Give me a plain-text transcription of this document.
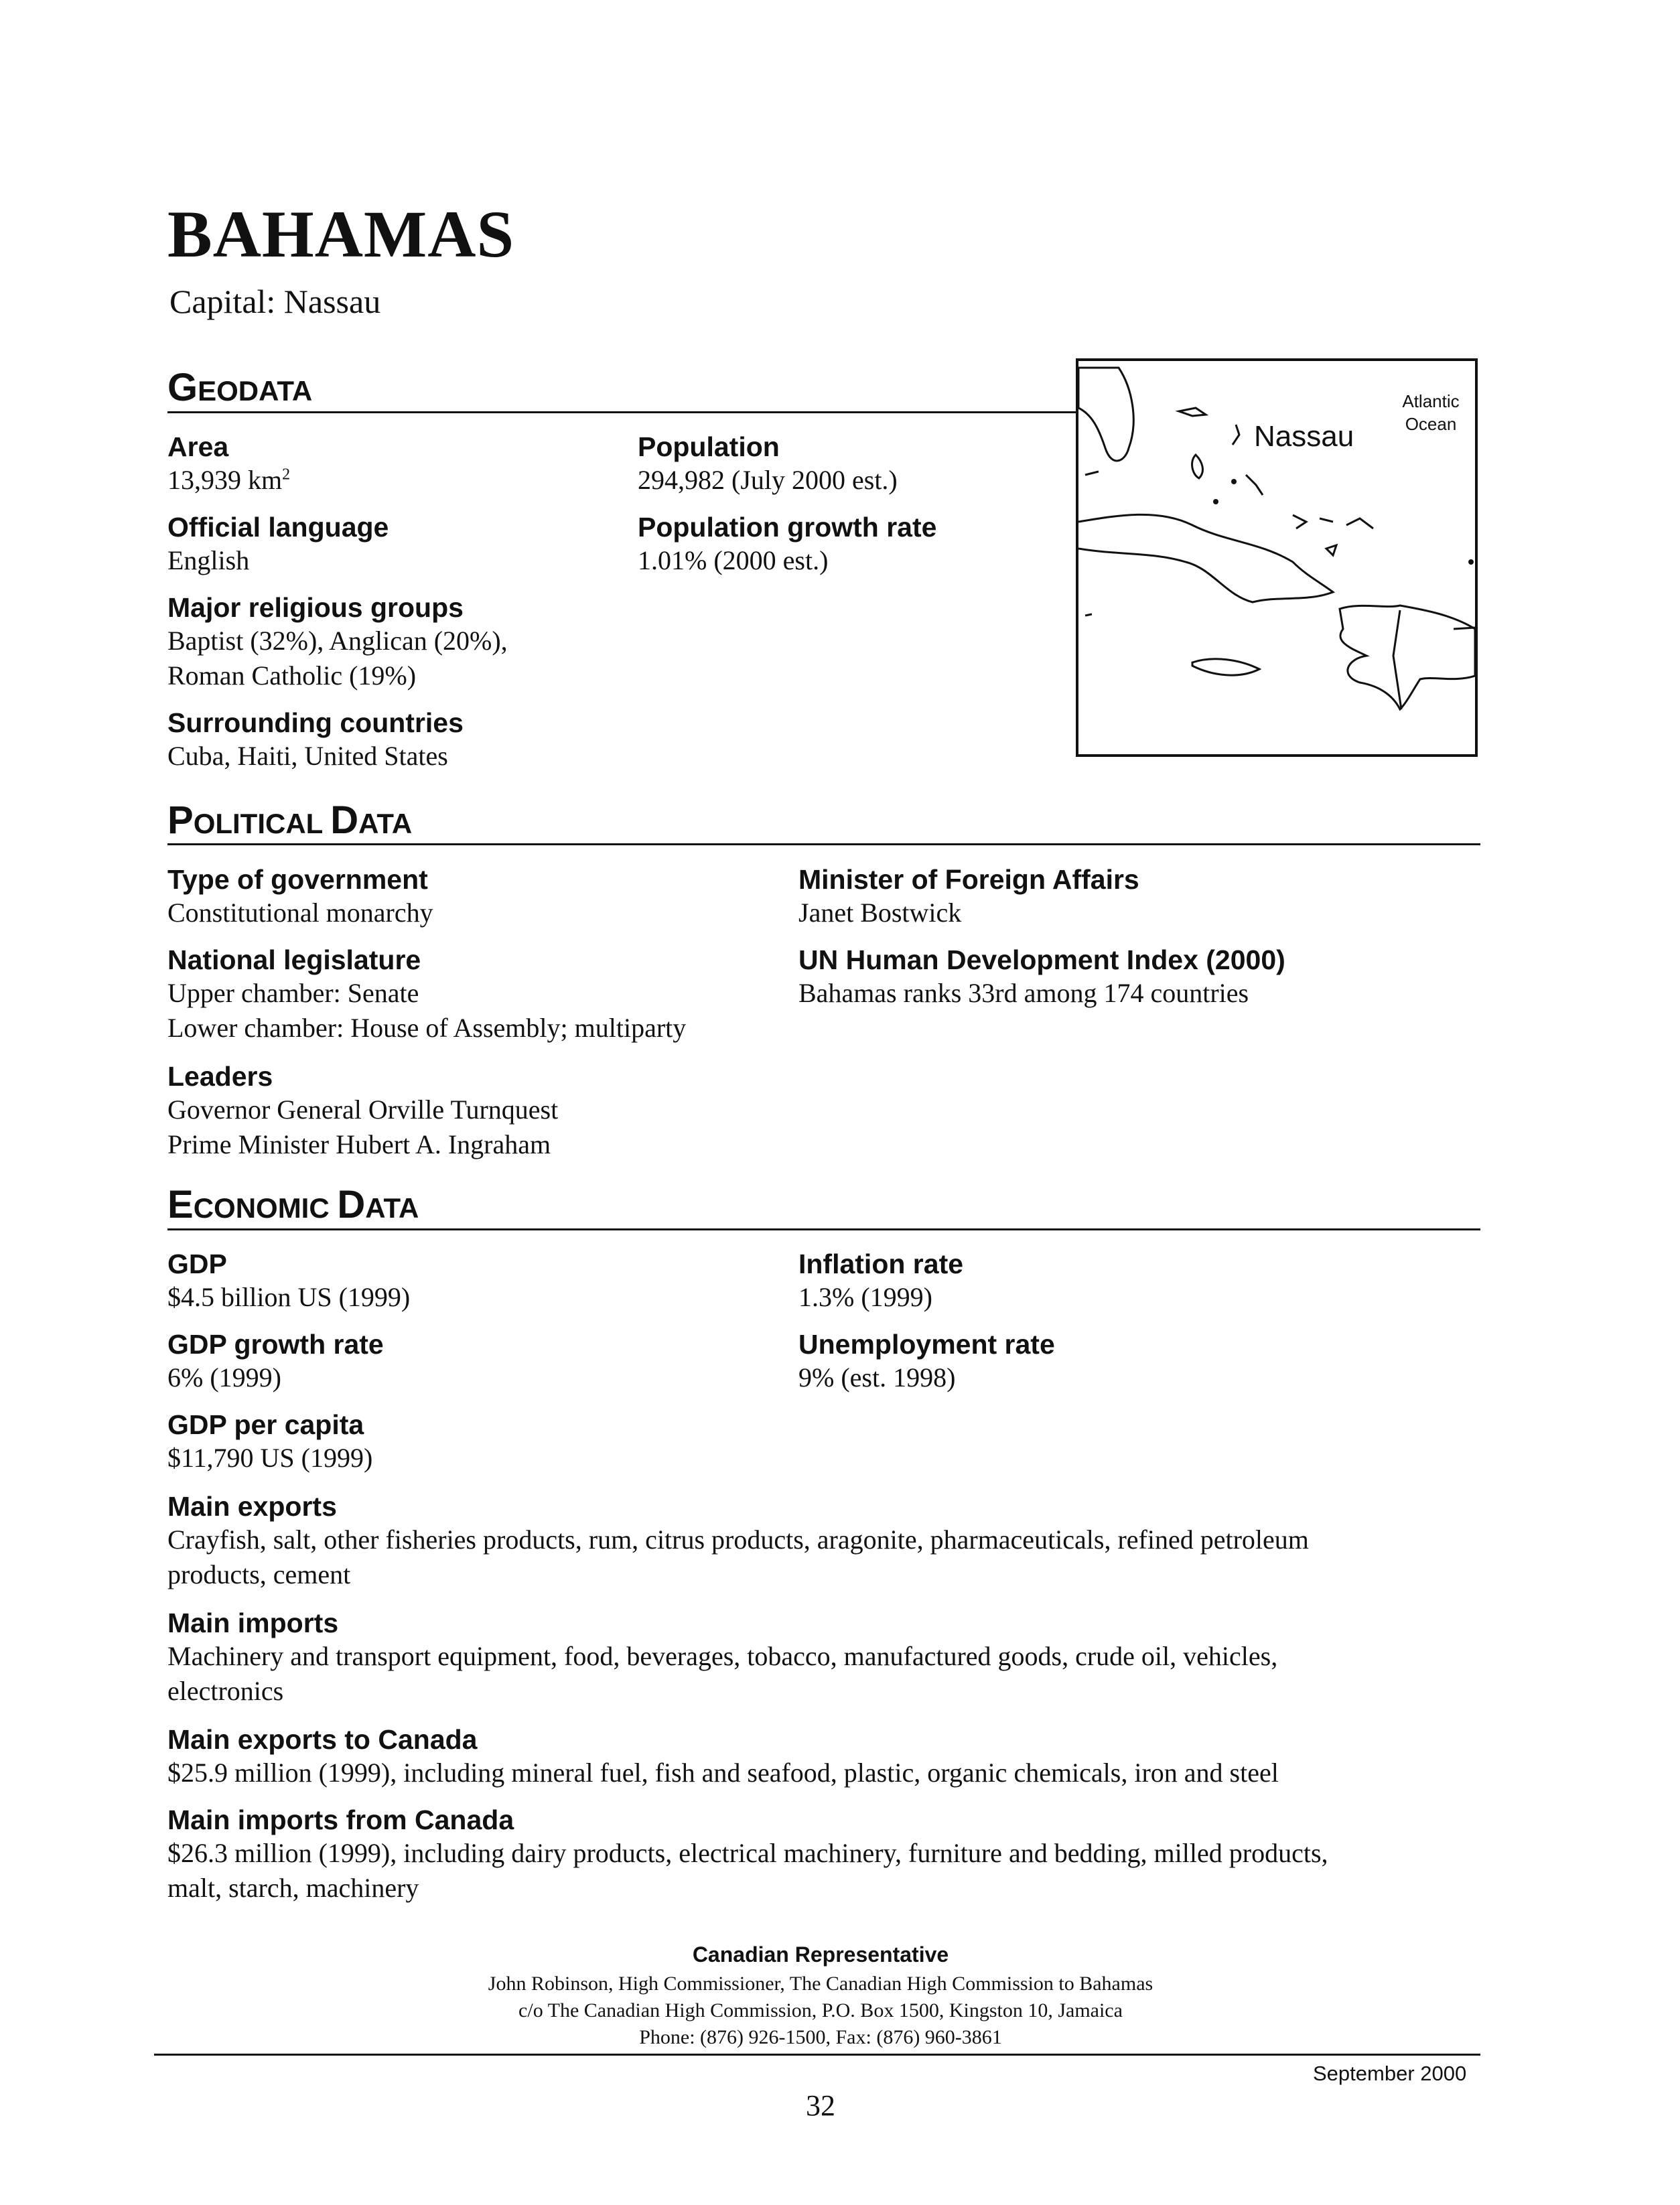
BAHAMAS
Capital: Nassau
GEODATA
Area
13,939 $km^2$
Official language
English
Major religious groups
Baptist (32%), Anglican (20%),
Roman Catholic (19%)
Surrounding countries
Cuba, Haiti, United States
Population
294,982 (July 2000 est.)
Population growth rate
1.01% (2000 est.)
Nassau
Atlantic
Ocean
POLITICAL DATA
Type of government
Constitutional monarchy
National legislature
Upper chamber: Senate
Lower chamber: House of Assembly; multiparty
Leaders
Governor General Orville Turnquest
Prime Minister Hubert A. Ingraham
Minister of Foreign Affairs
Janet Bostwick
UN Human Development Index (2000)
Bahamas ranks 33rd among 174 countries
ECONOMIC DATA
GDP
$4.5 billion US (1999)
GDP growth rate
6% (1999)
GDP per capita
$11,790 US (1999)
Inflation rate
1.3% (1999)
Unemployment rate
9% (est. 1998)
Main exports
Crayfish, salt, other fisheries products, rum, citrus products, aragonite, pharmaceuticals, refined petroleum
products, cement
Main imports
Machinery and transport equipment, food, beverages, tobacco, manufactured goods, crude oil, vehicles,
electronics
Main exports to Canada
$25.9 million (1999), including mineral fuel, fish and seafood, plastic, organic chemicals, iron and steel
Main imports from Canada
$26.3 million (1999), including dairy products, electrical machinery, furniture and bedding, milled products,
malt, starch, machinery
Canadian Representative
John Robinson, High Commissioner, The Canadian High Commission to Bahamas
c/o The Canadian High Commission, P.O. Box 1500, Kingston 10, Jamaica
Phone: (876) 926-1500, Fax: (876) 960-3861
September 2000
32
